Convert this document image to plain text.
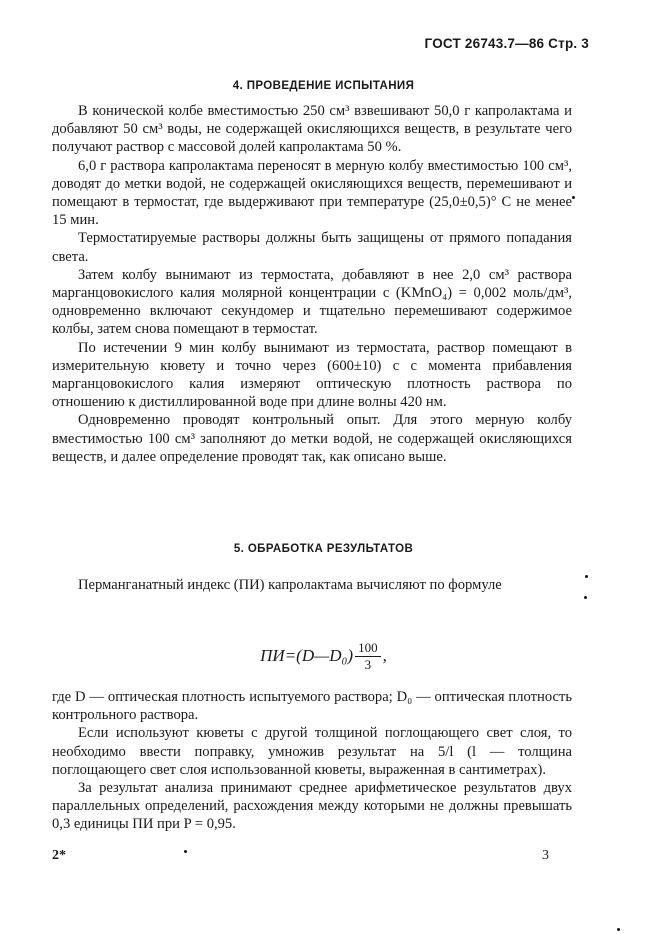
ГОСТ 26743.7—86 Стр. 3
4. ПРОВЕДЕНИЕ ИСПЫТАНИЯ

В конической колбе вместимостью 250 см³ взвешивают 50,0 г капролактама и добавляют 50 см³ воды, не содержащей окисляющихся веществ, в результате чего получают раствор с массовой долей капролактама 50 %.

6,0 г раствора капролактама переносят в мерную колбу вместимостью 100 см³, доводят до метки водой, не содержащей окисляющихся веществ, перемешивают и помещают в термостат, где выдерживают при температуре (25,0±0,5)° С не менее 15 мин.

Термостатируемые растворы должны быть защищены от прямого попадания света.

Затем колбу вынимают из термостата, добавляют в нее 2,0 см³ раствора марганцовокислого калия молярной концентрации c (KMnO₄) = 0,002 моль/дм³, одновременно включают секундомер и тщательно перемешивают содержимое колбы, затем снова помещают в термостат.

По истечении 9 мин колбу вынимают из термостата, раствор помещают в измерительную кювету и точно через (600±10) с с момента прибавления марганцовокислого калия измеряют оптическую плотность раствора по отношению к дистиллированной воде при длине волны 420 нм.

Одновременно проводят контрольный опыт. Для этого мерную колбу вместимостью 100 см³ заполняют до метки водой, не содержащей окисляющихся веществ, и далее определение проводят так, как описано выше.

5. ОБРАБОТКА РЕЗУЛЬТАТОВ

Перманганатный индекс (ПИ) капролактама вычисляют по формуле

ПИ=(D—D₀) $\frac{100}{3}$ ,

где D — оптическая плотность испытуемого раствора; D₀ — оптическая плотность контрольного раствора.

Если используют кюветы с другой толщиной поглощающего свет слоя, то необходимо ввести поправку, умножив результат на 5/l (l — толщина поглощающего свет слоя использованной кюветы, выраженная в сантиметрах).

За результат анализа принимают среднее арифметическое результатов двух параллельных определений, расхождения между которыми не должны превышать 0,3 единицы ПИ при P = 0,95.

2*	3
